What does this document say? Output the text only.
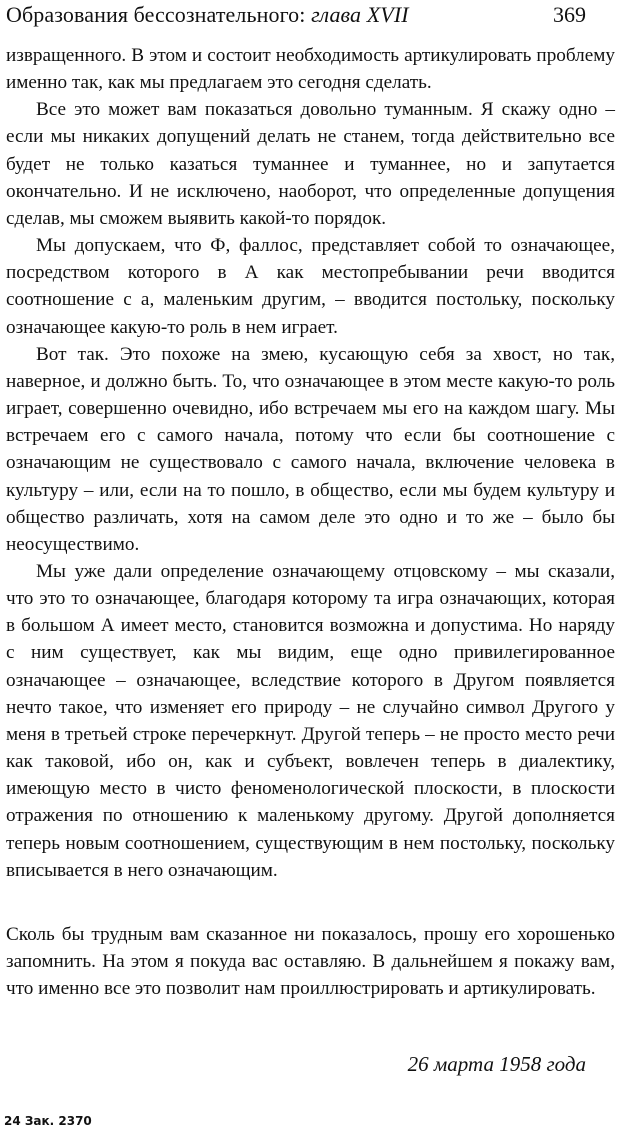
Образования бессознательного: глава XVII	369

извращенного. В этом и состоит необходимость артикулировать проблему именно так, как мы предлагаем это сегодня сделать.

Все это может вам показаться довольно туманным. Я скажу одно – если мы никаких допущений делать не станем, тогда действительно все будет не только казаться туманнее и туманнее, но и запутается окончательно. И не исключено, наоборот, что определенные допущения сделав, мы сможем выявить какой-то порядок.

Мы допускаем, что Ф, фаллос, представляет собой то означающее, посредством которого в А как местопребывании речи вводится соотношение с а, маленьким другим, – вводится постольку, поскольку означающее какую-то роль в нем играет.

Вот так. Это похоже на змею, кусающую себя за хвост, но так, наверное, и должно быть. То, что означающее в этом месте какую-то роль играет, совершенно очевидно, ибо встречаем мы его на каждом шагу. Мы встречаем его с самого начала, потому что если бы соотношение с означающим не существовало с самого начала, включение человека в культуру – или, если на то пошло, в общество, если мы будем культуру и общество различать, хотя на самом деле это одно и то же – было бы неосуществимо.

Мы уже дали определение означающему отцовскому – мы сказали, что это то означающее, благодаря которому та игра означающих, которая в большом А имеет место, становится возможна и допустима. Но наряду с ним существует, как мы видим, еще одно привилегированное означающее – означающее, вследствие которого в Другом появляется нечто такое, что изменяет его природу – не случайно символ Другого у меня в третьей строке перечеркнут. Другой теперь – не просто место речи как таковой, ибо он, как и субъект, вовлечен теперь в диалектику, имеющую место в чисто феноменологической плоскости, в плоскости отражения по отношению к маленькому другому. Другой дополняется теперь новым соотношением, существующим в нем постольку, поскольку вписывается в него означающим.

Сколь бы трудным вам сказанное ни показалось, прошу его хорошенько запомнить. На этом я покуда вас оставляю. В дальнейшем я покажу вам, что именно все это позволит нам проиллюстрировать и артикулировать.

26 марта 1958 года
24 Зак. 2370
